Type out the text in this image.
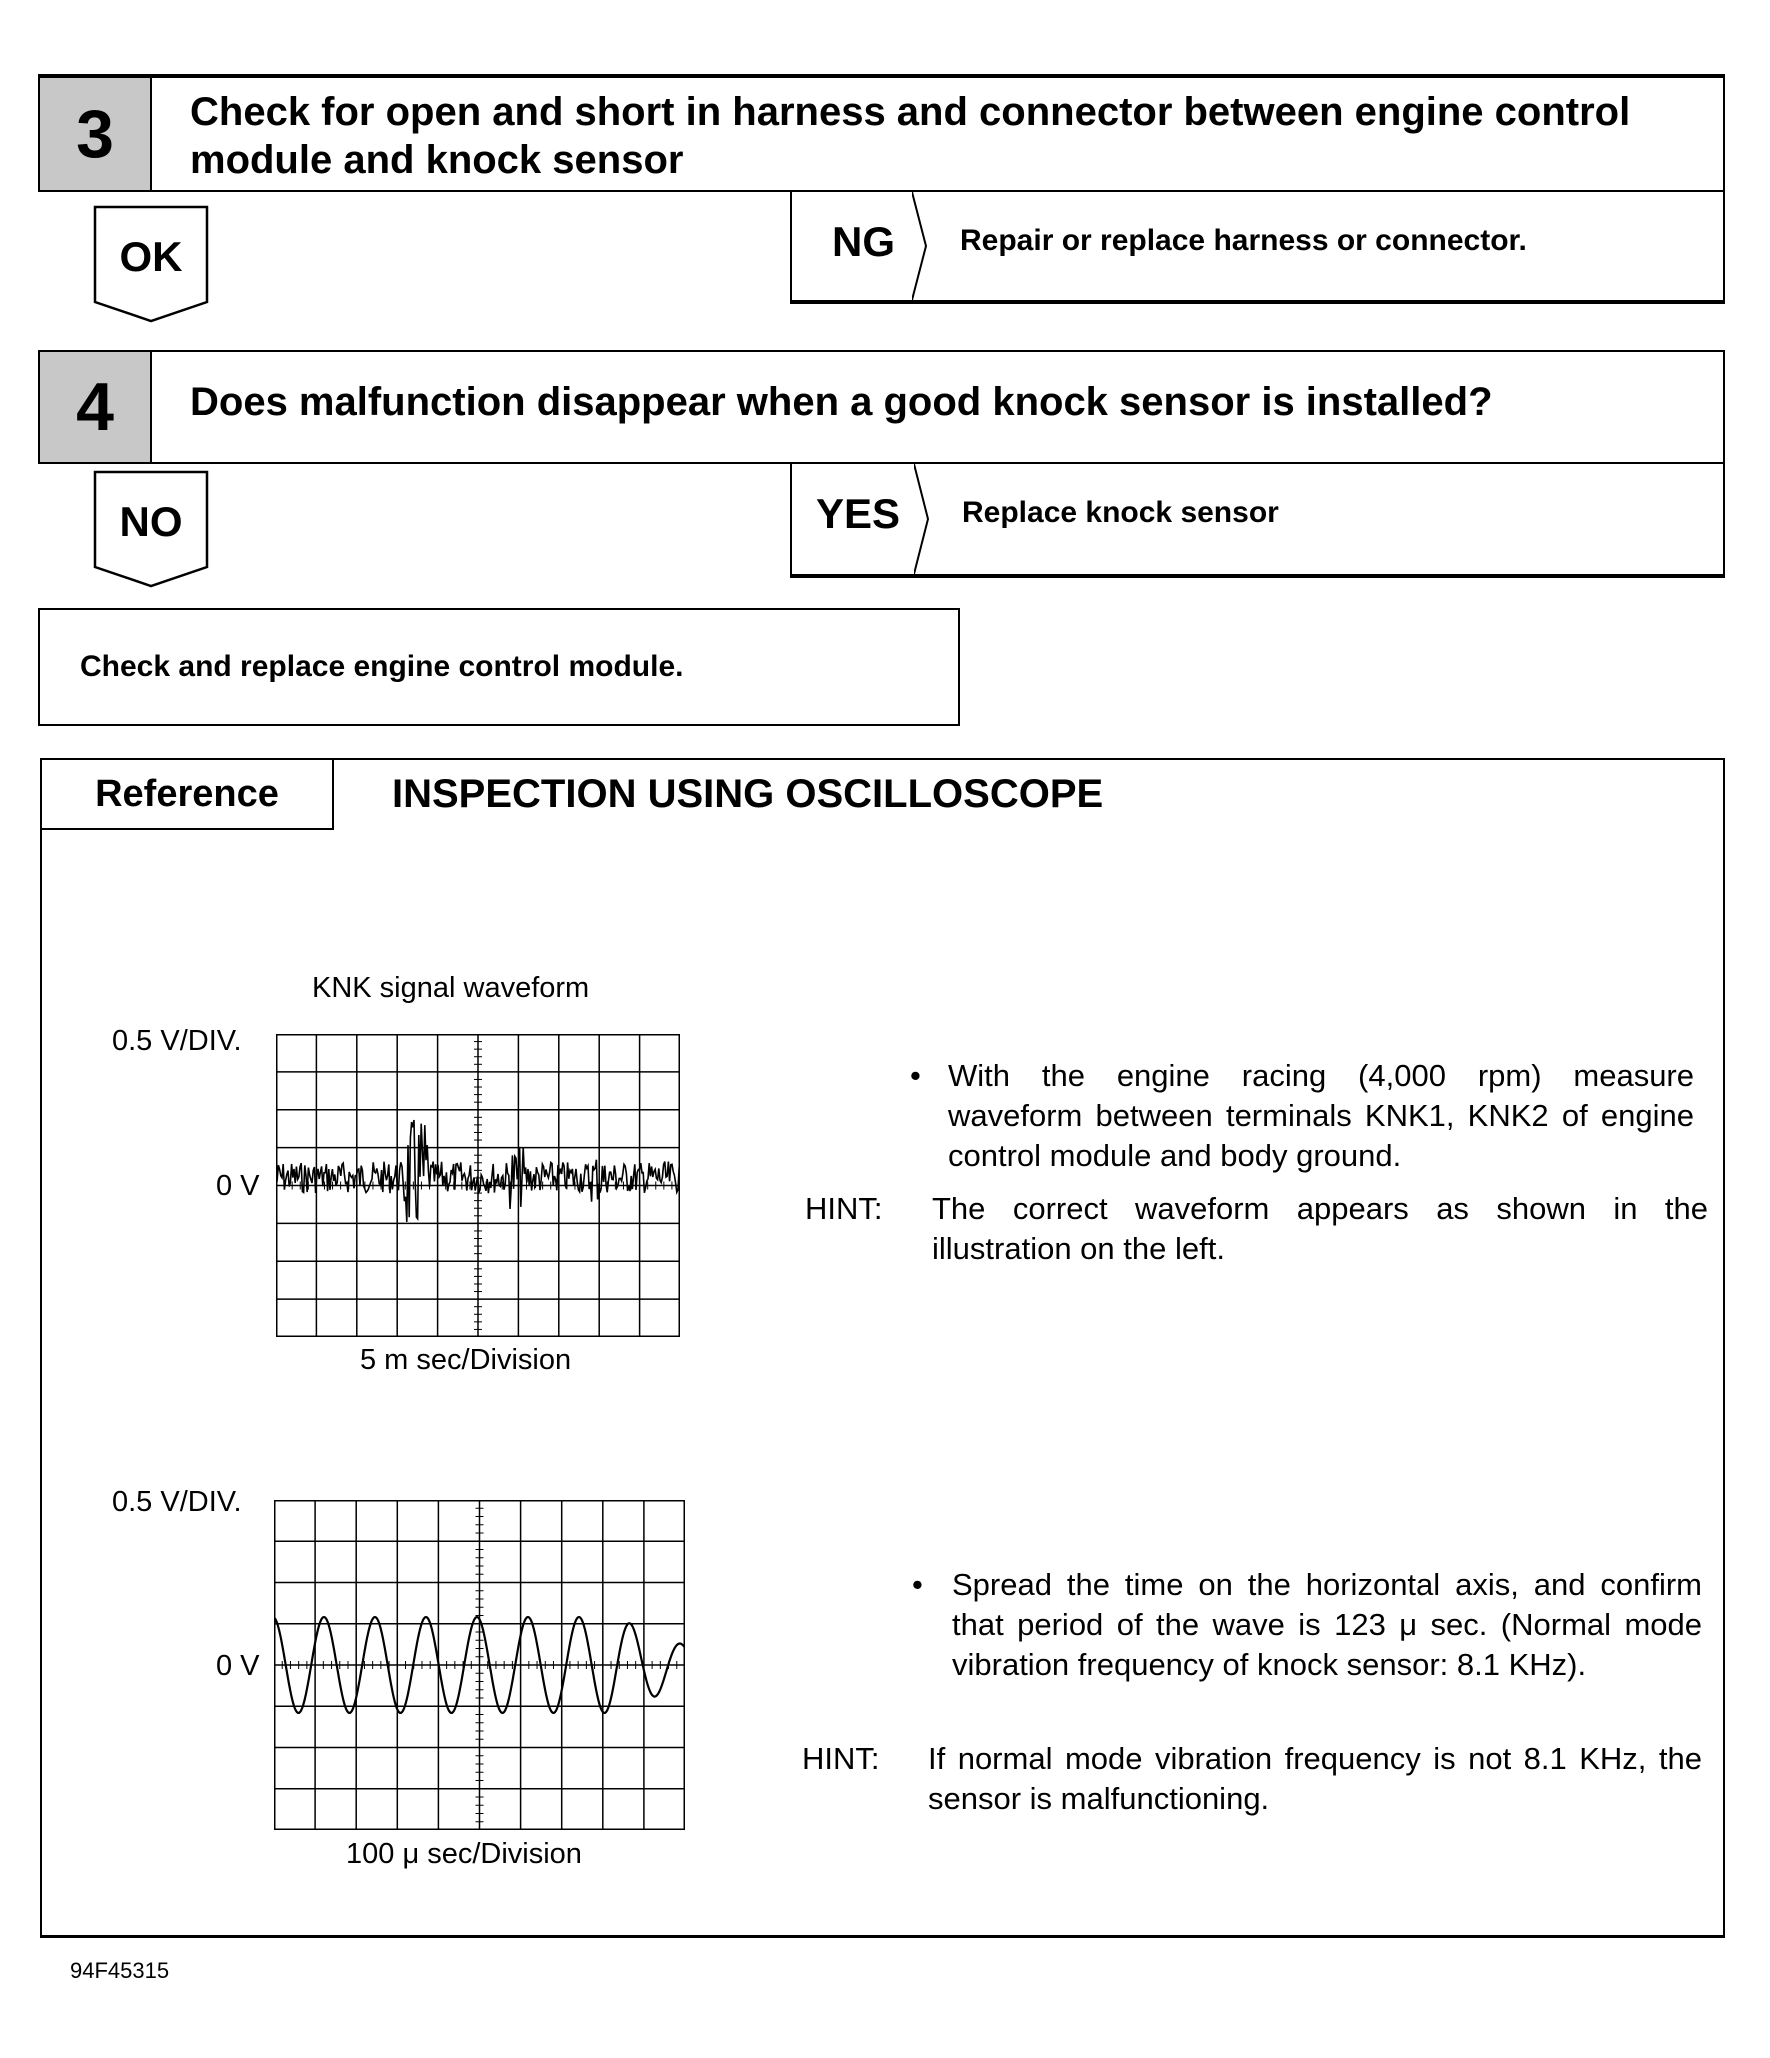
3	Check for open and short in harness and connector between engine control
module and knock sensor
OK	NG Repair or replace harness or connector.
4	Does malfunction disappear when a good knock sensor is installed?
NO	YES Replace knock sensor
Check and replace engine control module.
Reference	INSPECTION USING OSCILLOSCOPE
KNK signal waveform
0.5 V/DIV.
0 V
5 m sec/Division
0.5 V/DIV.
0 V
100 μ sec/Division
• With the engine racing (4,000 rpm) measure waveform between terminals KNK1, KNK2 of engine control module and body ground.
HINT: The correct waveform appears as shown in the illustration on the left.
• Spread the time on the horizontal axis, and confirm that period of the wave is 123 μ sec. (Normal mode vibration frequency of knock sensor: 8.1 KHz).
HINT: If normal mode vibration frequency is not 8.1 KHz, the sensor is malfunctioning.
94F45315
